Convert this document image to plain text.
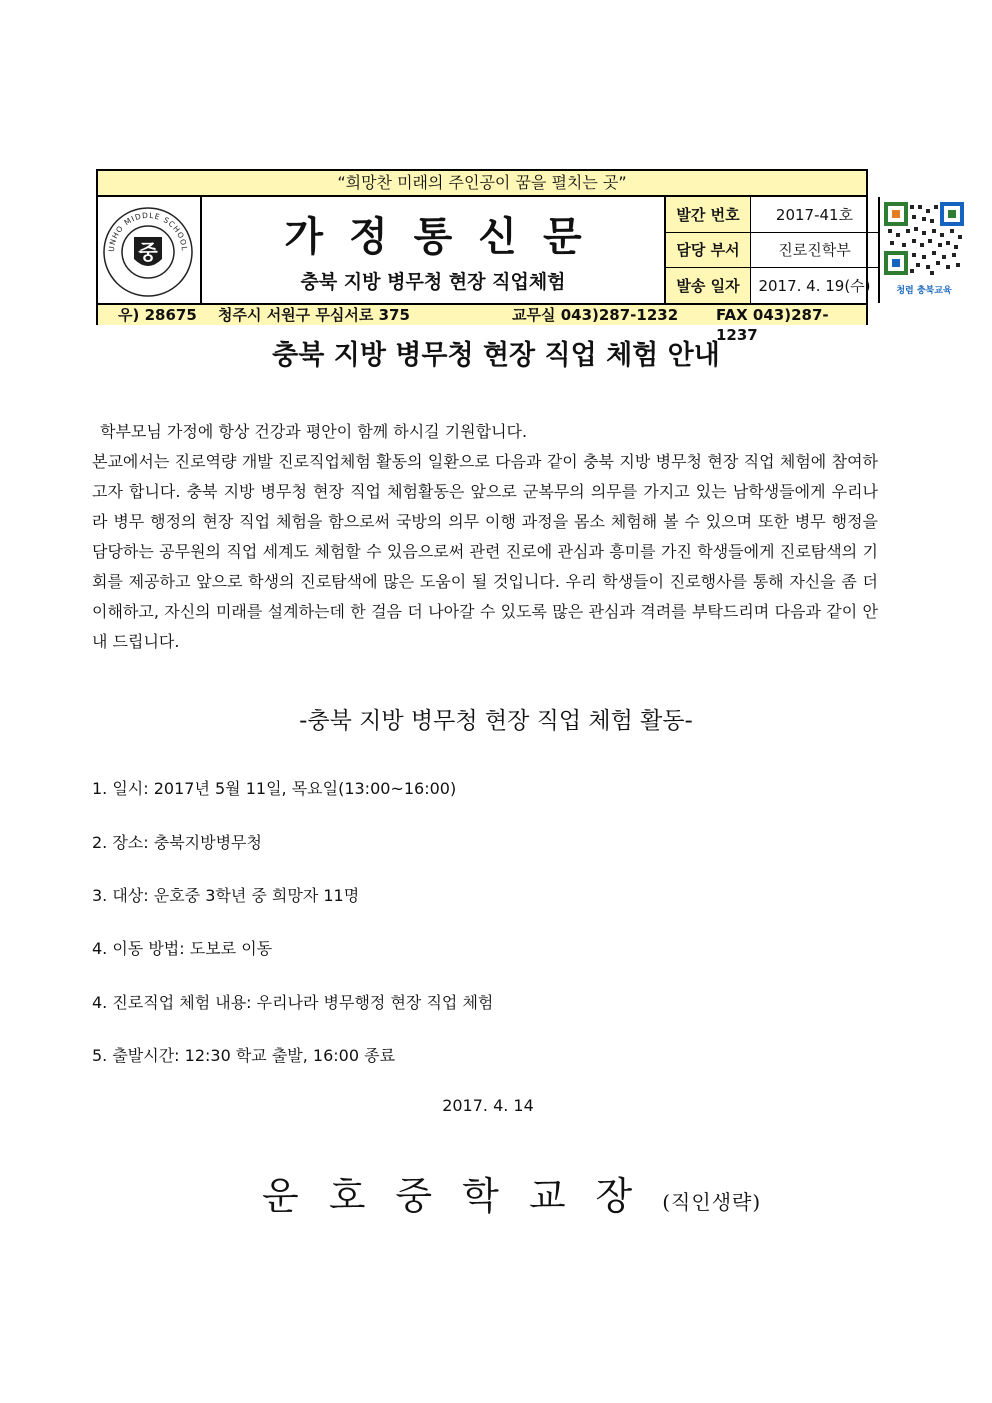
“희망찬 미래의 주인공이 꿈을 펼치는 곳”
UNHO MIDDLE SCHOOL
중	가정통신문
충북 지방 병무청 현장 직업체험
발간 번호	2017-41호
담당 부서	진로진학부
발송 일자	2017. 4. 19(수)	청렴 충북교육
우) 28675 청주시 서원구 무심서로 375	교무실 043)287-1232	FAX 043)287-1237
충북 지방 병무청 현장 직업 체험 안내

학부모님 가정에 항상 건강과 평안이 함께 하시길 기원합니다.

본교에서는 진로역량 개발 진로직업체험 활동의 일환으로 다음과 같이 충북 지방 병무청 현장 직업 체험에 참여하고자 합니다. 충북 지방 병무청 현장 직업 체험활동은 앞으로 군복무의 의무를 가지고 있는 남학생들에게 우리나라 병무 행정의 현장 직업 체험을 함으로써 국방의 의무 이행 과정을 몸소 체험해 볼 수 있으며 또한 병무 행정을 담당하는 공무원의 직업 세계도 체험할 수 있음으로써 관련 진로에 관심과 흥미를 가진 학생들에게 진로탐색의 기회를 제공하고 앞으로 학생의 진로탐색에 많은 도움이 될 것입니다. 우리 학생들이 진로행사를 통해 자신을 좀 더 이해하고, 자신의 미래를 설계하는데 한 걸음 더 나아갈 수 있도록 많은 관심과 격려를 부탁드리며 다음과 같이 안내 드립니다.

-충북 지방 병무청 현장 직업 체험 활동-
1. 일시: 2017년 5월 11일, 목요일(13:00~16:00)
2. 장소: 충북지방병무청
3. 대상: 운호중 3학년 중 희망자 11명
4. 이동 방법: 도보로 이동
4. 진로직업 체험 내용: 우리나라 병무행정 현장 직업 체험
5. 출발시간: 12:30 학교 출발, 16:00 종료
2017. 4. 14
운호중학교장(직인생략)
